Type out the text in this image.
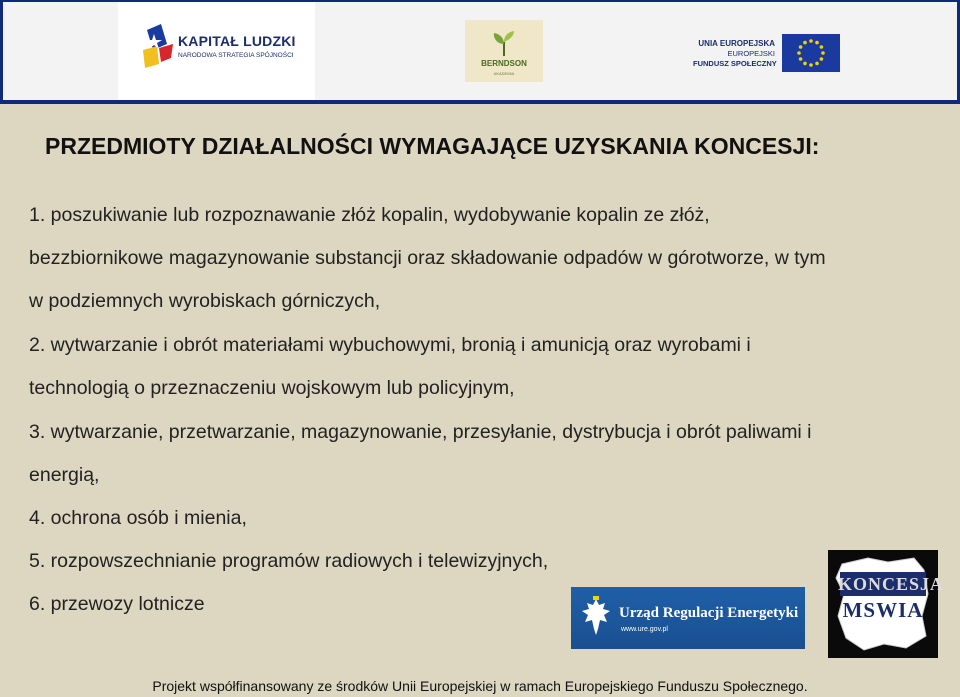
KAPITAŁ LUDZKI
NARODOWA STRATEGIA SPÓJNOŚCI
BERNDSON
AKADEMIA
UNIA EUROPEJSKA
EUROPEJSKI
FUNDUSZ SPOŁECZNY
PRZEDMIOTY DZIAŁALNOŚCI WYMAGAJĄCE UZYSKANIA KONCESJI:
1. poszukiwanie lub rozpoznawanie złóż kopalin, wydobywanie kopalin ze złóż,
bezzbiornikowe magazynowanie substancji oraz składowanie odpadów w górotworze, w tym
w podziemnych wyrobiskach górniczych,
2. wytwarzanie i obrót materiałami wybuchowymi, bronią i amunicją oraz wyrobami i
technologią o przeznaczeniu wojskowym lub policyjnym,
3. wytwarzanie, przetwarzanie, magazynowanie, przesyłanie, dystrybucja i obrót paliwami i
energią,
4. ochrona osób i mienia,
5. rozpowszechnianie programów radiowych i telewizyjnych,
6. przewozy lotnicze	Urząd Regulacji Energetyki
www.ure.gov.pl
KONCESJA
MSWIA
Projekt współfinansowany ze środków Unii Europejskiej w ramach Europejskiego Funduszu Społecznego.
